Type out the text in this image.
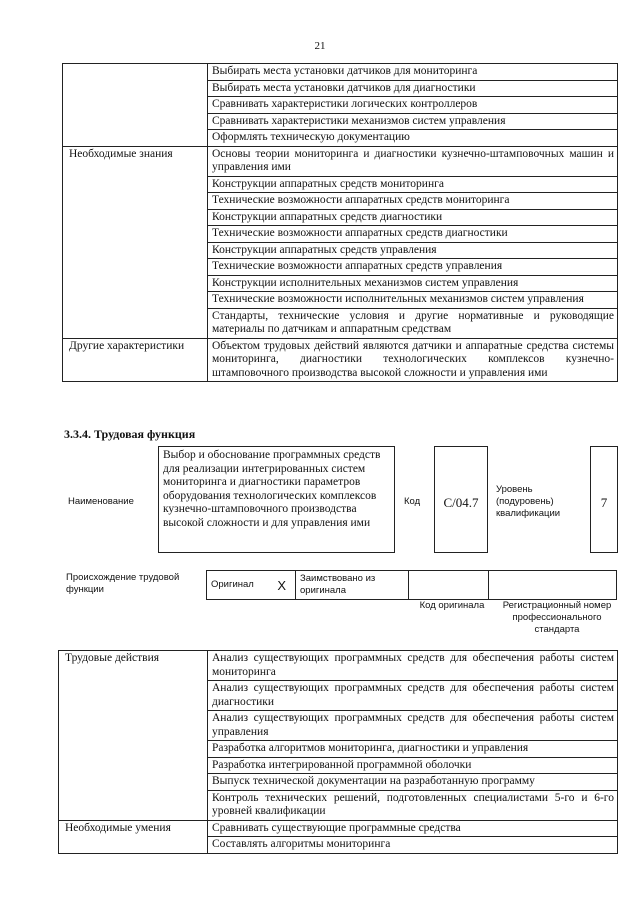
21
	Выбирать места установки датчиков для мониторинга
	Выбирать места установки датчиков для диагностики
	Сравнивать характеристики логических контроллеров
	Сравнивать характеристики механизмов систем управления
	Оформлять техническую документацию
Необходимые знания	Основы теории мониторинга и диагностики кузнечно-штамповочных машин и управления ими
	Конструкции аппаратных средств мониторинга
	Технические возможности аппаратных средств мониторинга
	Конструкции аппаратных средств диагностики
	Технические возможности аппаратных средств диагностики
	Конструкции аппаратных средств управления
	Технические возможности аппаратных средств управления
	Конструкции исполнительных механизмов систем управления
	Технические возможности исполнительных механизмов систем управления
	Стандарты, технические условия и другие нормативные и руководящие материалы по датчикам и аппаратным средствам
Другие характеристики	Объектом трудовых действий являются датчики и аппаратные средства системы мониторинга, диагностики технологических комплексов кузнечно-штамповочного производства высокой сложности и управления ими
3.3.4. Трудовая функция
Наименование
Выбор и обоснование программных средств для реализации интегрированных систем мониторинга и диагностики параметров оборудования технологических комплексов кузнечно-штамповочного производства высокой сложности и для управления ими
Код	C/04.7
Уровень (подуровень) квалификации
7
Происхождение трудовой функции	Оригинал	X	Заимствовано из оригинала		
Код оригинала	Регистрационный номер профессионального стандарта
Трудовые действия	Анализ существующих программных средств для обеспечения работы систем мониторинга
	Анализ существующих программных средств для обеспечения работы систем диагностики
	Анализ существующих программных средств для обеспечения работы систем управления
	Разработка алгоритмов мониторинга, диагностики и управления
	Разработка интегрированной программной оболочки
	Выпуск технической документации на разработанную программу
	Контроль технических решений, подготовленных специалистами 5-го и 6-го уровней квалификации
Необходимые умения	Сравнивать существующие программные средства
	Составлять алгоритмы мониторинга
